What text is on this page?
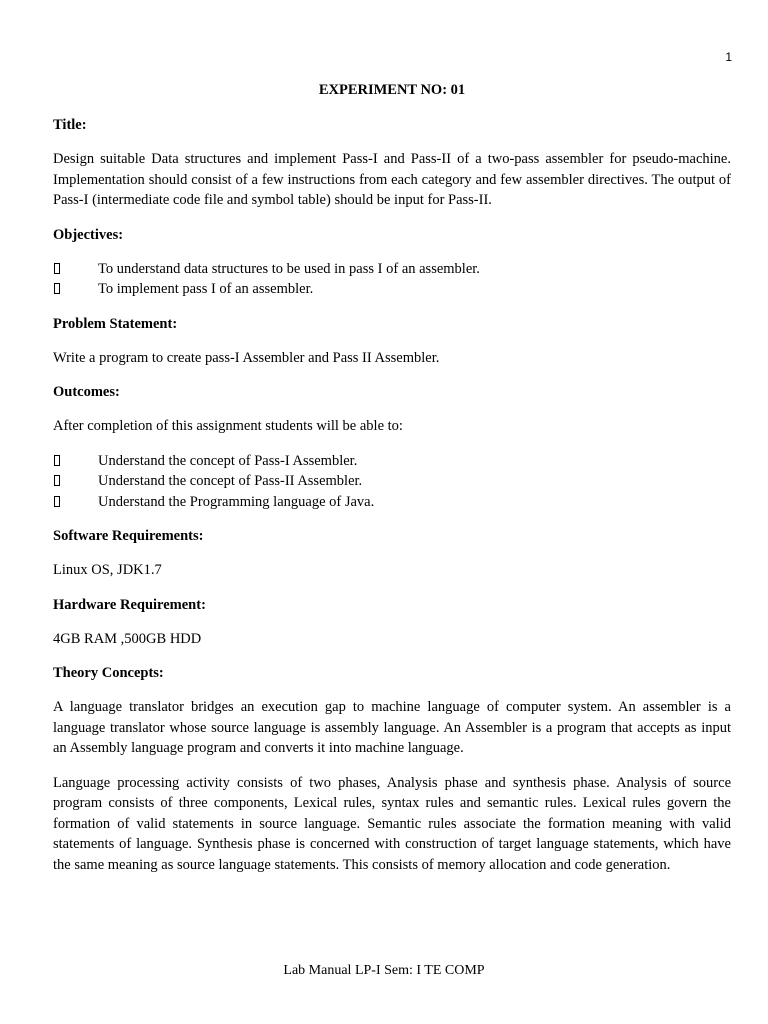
1
EXPERIMENT NO: 01
Title:

Design suitable Data structures and implement Pass-I and Pass-II of a two-pass assembler for pseudo-machine. Implementation should consist of a few instructions from each category and few assembler directives. The output of Pass-I (intermediate code file and symbol table) should be input for Pass-II.

Objectives:
To understand data structures to be used in pass I of an assembler.
To implement pass I of an assembler.
Problem Statement:

Write a program to create pass-I Assembler and Pass II Assembler.

Outcomes:

After completion of this assignment students will be able to:

Understand the concept of Pass-I Assembler.
Understand the concept of Pass-II Assembler.
Understand the Programming language of Java.
Software Requirements:

Linux OS, JDK1.7

Hardware Requirement:

4GB RAM ,500GB HDD

Theory Concepts:

A language translator bridges an execution gap to machine language of computer system. An assembler is a language translator whose source language is assembly language. An Assembler is a program that accepts as input an Assembly language program and converts it into machine language.

Language processing activity consists of two phases, Analysis phase and synthesis phase. Analysis of source program consists of three components, Lexical rules, syntax rules and semantic rules. Lexical rules govern the formation of valid statements in source language. Semantic rules associate the formation meaning with valid statements of language. Synthesis phase is concerned with construction of target language statements, which have the same meaning as source language statements. This consists of memory allocation and code generation.

Lab Manual LP-I Sem: I TE COMP
